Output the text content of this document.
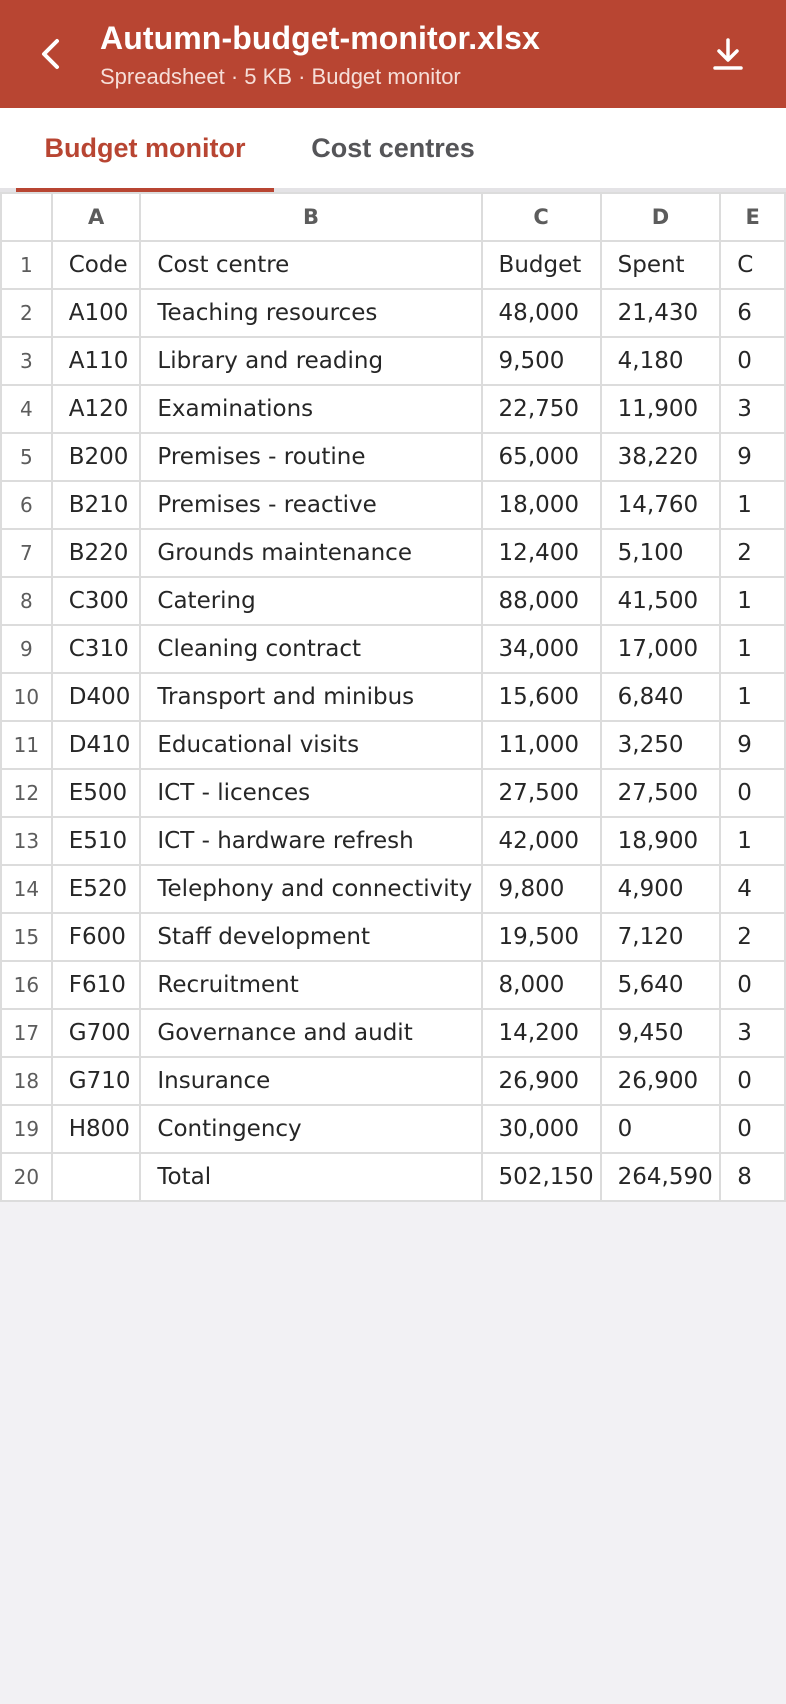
Autumn-budget-monitor.xlsx
Spreadsheet · 5 KB · Budget monitor
Budget monitor	Cost centres
	A	B	C	D	E
1	Code	Cost centre	Budget	Spent	C
2	A100	Teaching resources	48,000	21,430	6
3	A110	Library and reading	9,500	4,180	0
4	A120	Examinations	22,750	11,900	3
5	B200	Premises - routine	65,000	38,220	9
6	B210	Premises - reactive	18,000	14,760	1
7	B220	Grounds maintenance	12,400	5,100	2
8	C300	Catering	88,000	41,500	1
9	C310	Cleaning contract	34,000	17,000	1
10	D400	Transport and minibus	15,600	6,840	1
11	D410	Educational visits	11,000	3,250	9
12	E500	ICT - licences	27,500	27,500	0
13	E510	ICT - hardware refresh	42,000	18,900	1
14	E520	Telephony and connectivity	9,800	4,900	4
15	F600	Staff development	19,500	7,120	2
16	F610	Recruitment	8,000	5,640	0
17	G700	Governance and audit	14,200	9,450	3
18	G710	Insurance	26,900	26,900	0
19	H800	Contingency	30,000	0	0
20		Total	502,150	264,590	8
